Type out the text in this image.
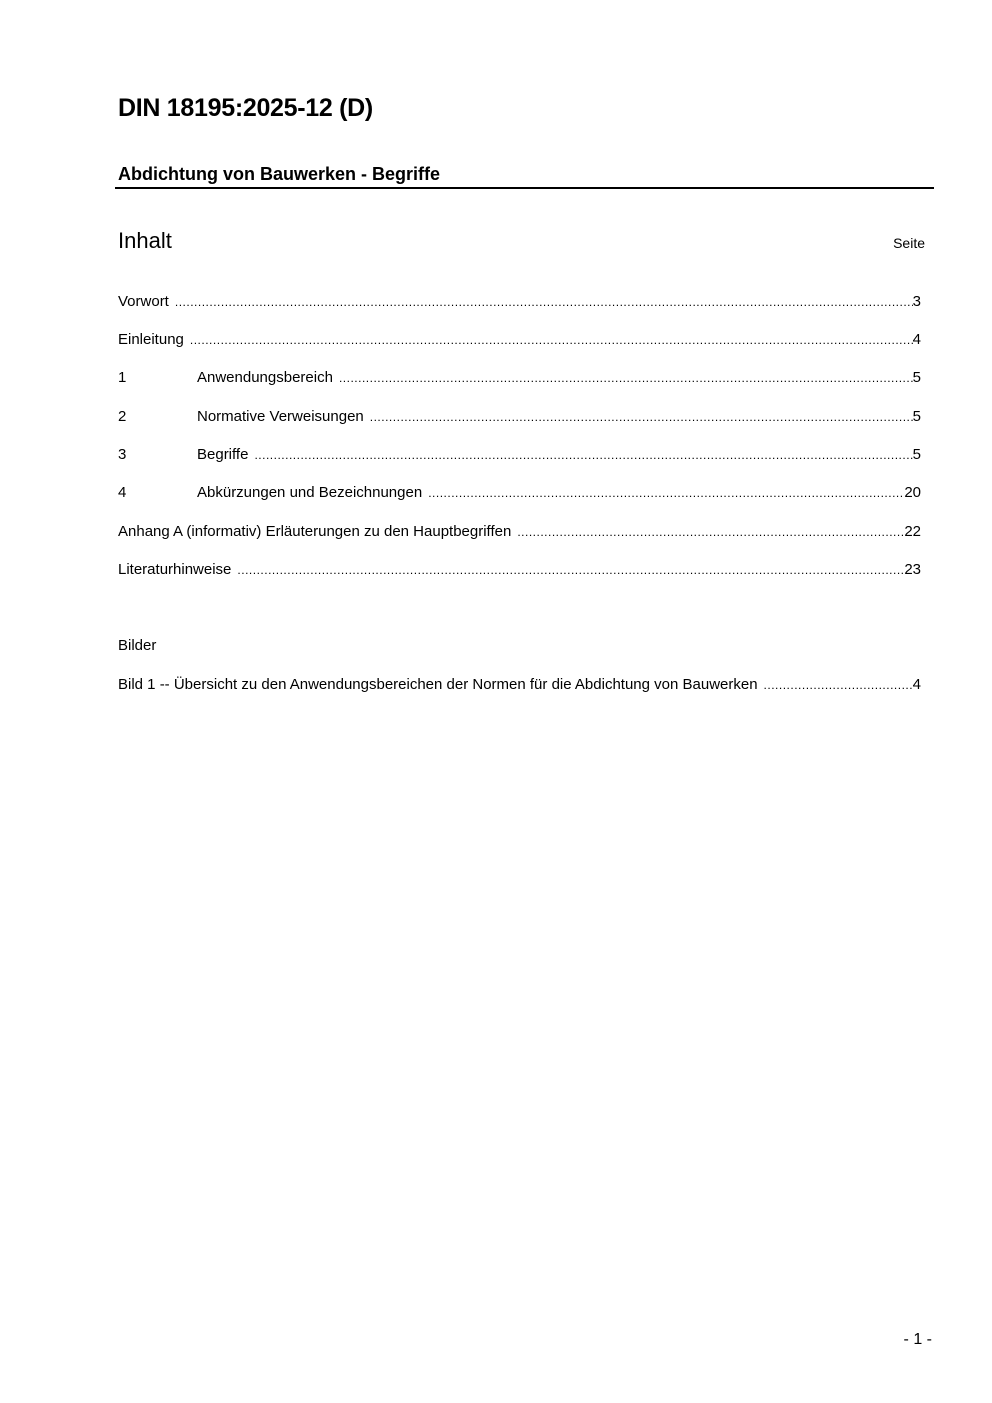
DIN 18195:2025-12 (D)
Abdichtung von Bauwerken - Begriffe
Inhalt	Seite
Vorwort .....	3
Einleitung .....	4
1	Anwendungsbereich .....	5
2	Normative Verweisungen .....	5
3	Begriffe .....	5
4	Abkürzungen und Bezeichnungen .....	20
Anhang A (informativ) Erläuterungen zu den Hauptbegriffen .....	22
Literaturhinweise .....	23
Bilder
Bild 1 -- Übersicht zu den Anwendungsbereichen der Normen für die Abdichtung von Bauwerken .....	4
- 1 -
